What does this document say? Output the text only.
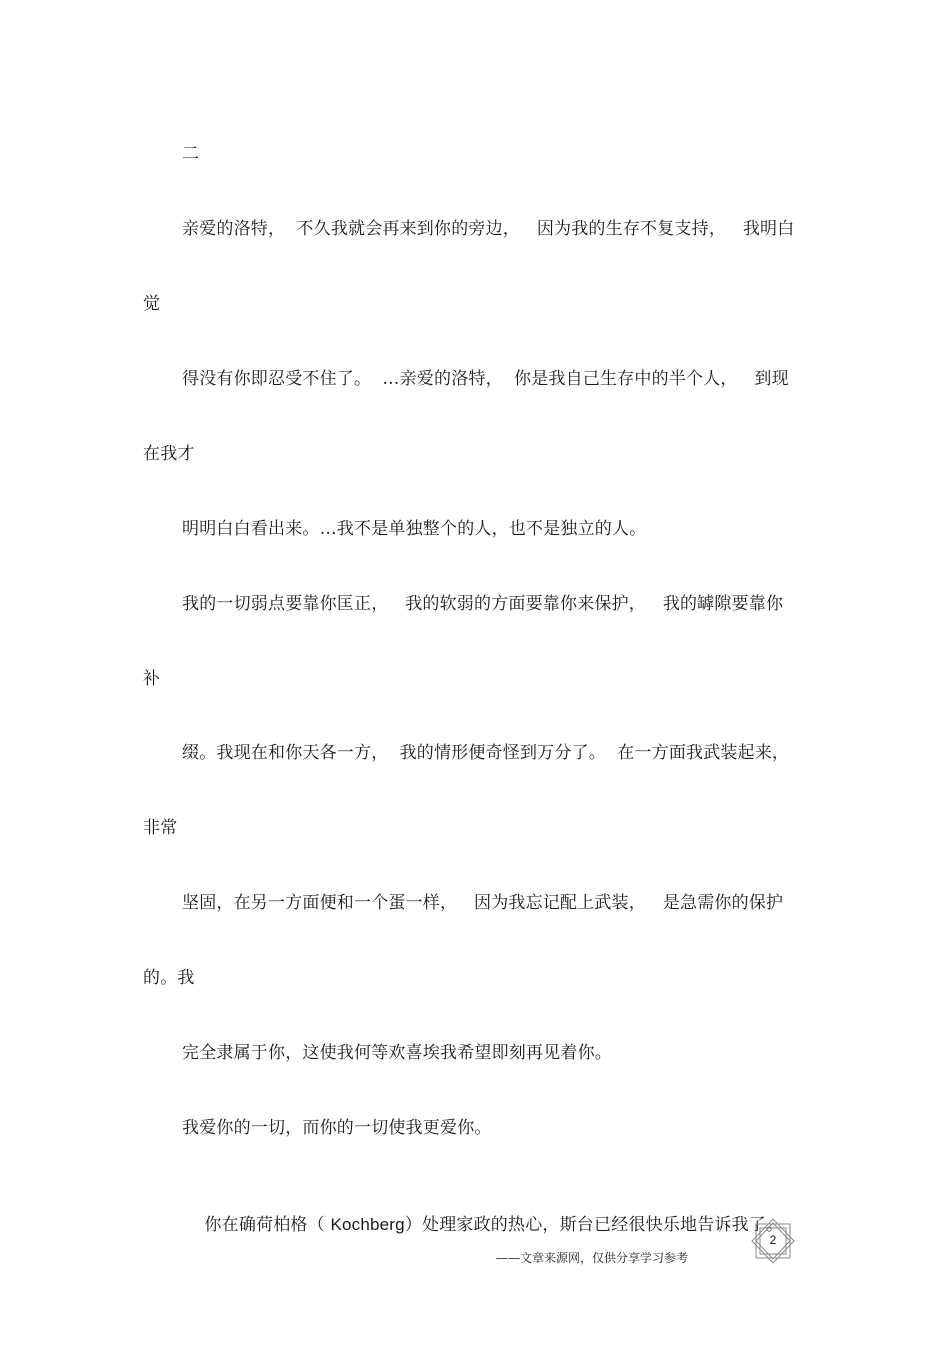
二
亲爱的洛特，  不久我就会再来到你的旁边，   因为我的生存不复支持，   我明白
觉
得没有你即忍受不住了。  …亲爱的洛特，  你是我自己生存中的半个人，   到现
在我才
明明白白看出来。…我不是单独整个的人，也不是独立的人。
我的一切弱点要靠你匡正，   我的软弱的方面要靠你来保护，   我的罅隙要靠你
补
缀。我现在和你天各一方，  我的情形便奇怪到万分了。  在一方面我武装起来，
非常
坚固，在另一方面便和一个蛋一样，   因为我忘记配上武装，   是急需你的保护
的。我
完全隶属于你，这使我何等欢喜埃我希望即刻再见着你。
我爱你的一切，而你的一切使我更爱你。

你在确荷柏格（ Kochberg）处理家政的热心，斯台已经很快乐地告诉我了。

2
——文章来源网，仅供分享学习参考
